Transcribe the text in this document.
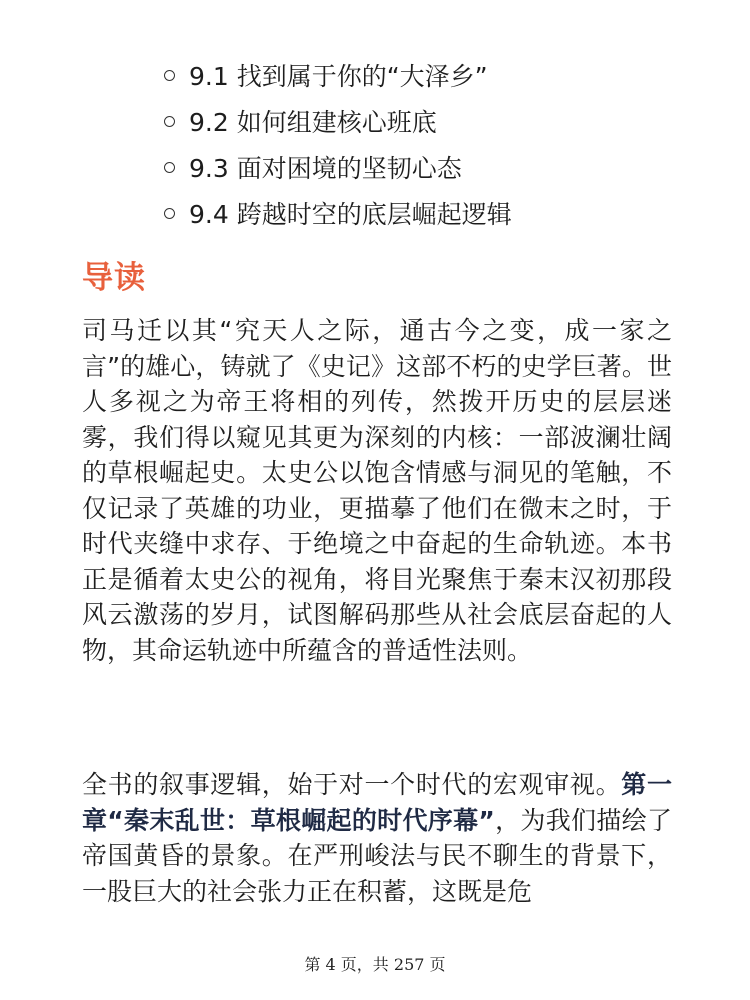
9.1 找到属于你的“大泽乡”
9.2 如何组建核心班底
9.3 面对困境的坚韧心态
9.4 跨越时空的底层崛起逻辑
导读

司马迁以其“究天人之际，通古今之变，成一家之言”的雄心，铸就了《史记》这部不朽的史学巨著。世人多视之为帝王将相的列传，然拨开历史的层层迷雾，我们得以窥见其更为深刻的内核：一部波澜壮阔的草根崛起史。太史公以饱含情感与洞见的笔触，不仅记录了英雄的功业，更描摹了他们在微末之时，于时代夹缝中求存、于绝境之中奋起的生命轨迹。本书正是循着太史公的视角，将目光聚焦于秦末汉初那段风云激荡的岁月，试图解码那些从社会底层奋起的人物，其命运轨迹中所蕴含的普适性法则。

全书的叙事逻辑，始于对一个时代的宏观审视。第一章“秦末乱世：草根崛起的时代序幕”，为我们描绘了帝国黄昏的景象。在严刑峻法与民不聊生的背景下，一股巨大的社会张力正在积蓄，这既是危

第 4 页，共 257 页
